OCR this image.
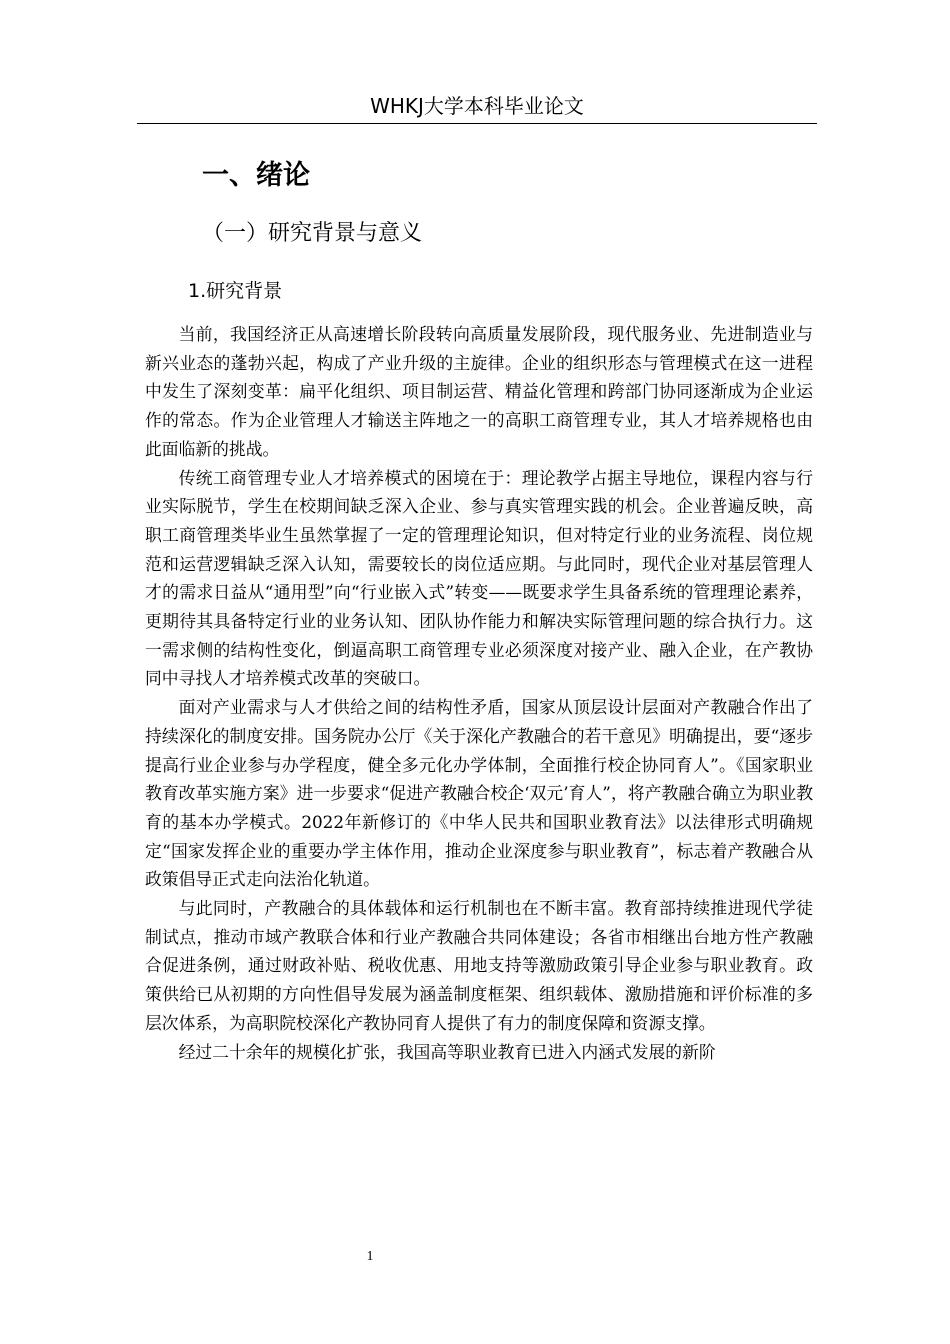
WHKJ大学本科毕业论文
一、绪论
（一）研究背景与意义
1.研究背景

当前，我国经济正从高速增长阶段转向高质量发展阶段，现代服务业、先进制造业与新兴业态的蓬勃兴起，构成了产业升级的主旋律。企业的组织形态与管理模式在这一进程中发生了深刻变革：扁平化组织、项目制运营、精益化管理和跨部门协同逐渐成为企业运作的常态。作为企业管理人才输送主阵地之一的高职工商管理专业，其人才培养规格也由此面临新的挑战。

传统工商管理专业人才培养模式的困境在于：理论教学占据主导地位，课程内容与行业实际脱节，学生在校期间缺乏深入企业、参与真实管理实践的机会。企业普遍反映，高职工商管理类毕业生虽然掌握了一定的管理理论知识，但对特定行业的业务流程、岗位规范和运营逻辑缺乏深入认知，需要较长的岗位适应期。与此同时，现代企业对基层管理人才的需求日益从“通用型”向“行业嵌入式”转变——既要求学生具备系统的管理理论素养，更期待其具备特定行业的业务认知、团队协作能力和解决实际管理问题的综合执行力。这一需求侧的结构性变化，倒逼高职工商管理专业必须深度对接产业、融入企业，在产教协同中寻找人才培养模式改革的突破口。

面对产业需求与人才供给之间的结构性矛盾，国家从顶层设计层面对产教融合作出了持续深化的制度安排。国务院办公厅《关于深化产教融合的若干意见》明确提出，要“逐步提高行业企业参与办学程度，健全多元化办学体制，全面推行校企协同育人”。《国家职业教育改革实施方案》进一步要求“促进产教融合校企‘双元’育人”，将产教融合确立为职业教育的基本办学模式。2022年新修订的《中华人民共和国职业教育法》以法律形式明确规定“国家发挥企业的重要办学主体作用，推动企业深度参与职业教育”，标志着产教融合从政策倡导正式走向法治化轨道。

与此同时，产教融合的具体载体和运行机制也在不断丰富。教育部持续推进现代学徒制试点，推动市域产教联合体和行业产教融合共同体建设；各省市相继出台地方性产教融合促进条例，通过财政补贴、税收优惠、用地支持等激励政策引导企业参与职业教育。政策供给已从初期的方向性倡导发展为涵盖制度框架、组织载体、激励措施和评价标准的多层次体系，为高职院校深化产教协同育人提供了有力的制度保障和资源支撑。

经过二十余年的规模化扩张，我国高等职业教育已进入内涵式发展的新阶

1
